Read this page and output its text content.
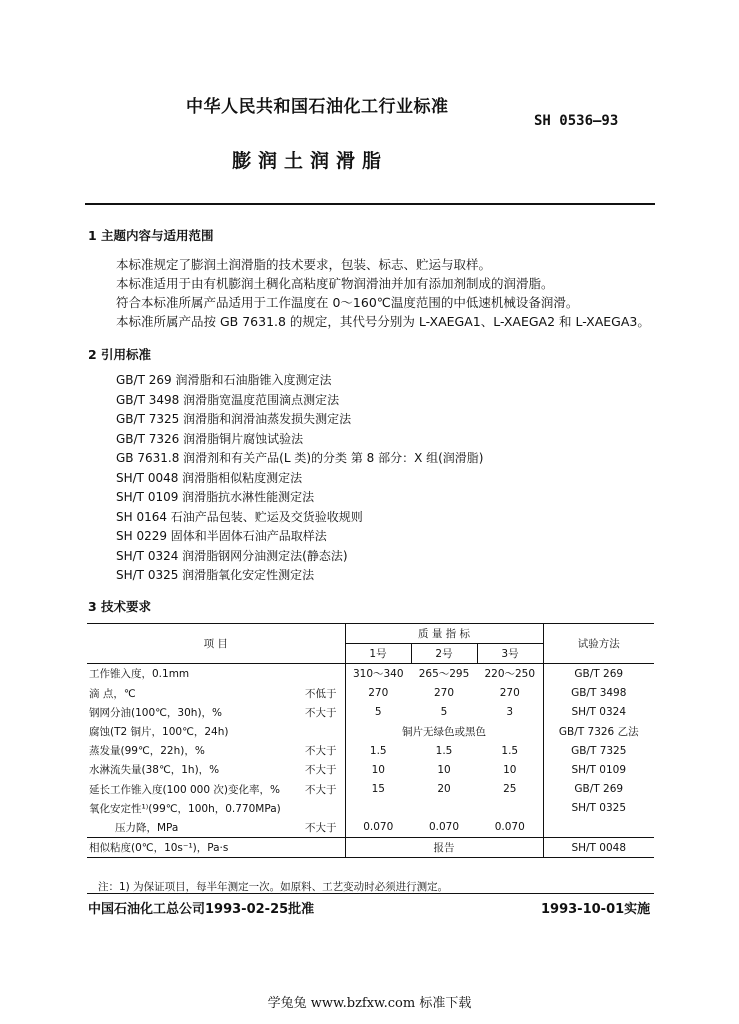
中华人民共和国石油化工行业标准
SH 0536—93
膨润土润滑脂
1 主题内容与适用范围
本标准规定了膨润土润滑脂的技术要求，包装、标志、贮运与取样。
本标准适用于由有机膨润土稠化高粘度矿物润滑油并加有添加剂制成的润滑脂。
符合本标准所属产品适用于工作温度在 0～160℃温度范围的中低速机械设备润滑。
本标准所属产品按 GB 7631.8 的规定，其代号分别为 L-XAEGA1、L-XAEGA2 和 L-XAEGA3。
2 引用标准
GB/T 269 润滑脂和石油脂锥入度测定法
GB/T 3498 润滑脂宽温度范围滴点测定法
GB/T 7325 润滑脂和润滑油蒸发损失测定法
GB/T 7326 润滑脂铜片腐蚀试验法
GB 7631.8 润滑剂和有关产品(L 类)的分类 第 8 部分：X 组(润滑脂)
SH/T 0048 润滑脂相似粘度测定法
SH/T 0109 润滑脂抗水淋性能测定法
SH 0164 石油产品包装、贮运及交货验收规则
SH 0229 固体和半固体石油产品取样法
SH/T 0324 润滑脂钢网分油测定法(静态法)
SH/T 0325 润滑脂氧化安定性测定法
3 技术要求
项 目		质 量 指 标			试验方法
		1号	2号	3号	
工作锥入度，0.1mm		310～340	265～295	220～250	GB/T 269
滴 点，℃	不低于	270	270	270	GB/T 3498
钢网分油(100℃，30h)，%	不大于	5	5	3	SH/T 0324
腐蚀(T2 铜片，100℃，24h)		铜片无绿色或黑色			GB/T 7326 乙法
蒸发量(99℃，22h)，%	不大于	1.5	1.5	1.5	GB/T 7325
水淋流失量(38℃，1h)，%	不大于	10	10	10	SH/T 0109
延长工作锥入度(100 000 次)变化率，%	不大于	15	20	25	GB/T 269
氧化安定性¹⁾(99℃，100h，0.770MPa)					SH/T 0325
压力降，MPa	不大于	0.070	0.070	0.070	
相似粘度(0℃，10s⁻¹)，Pa·s		报告			SH/T 0048
注：1) 为保证项目，每半年测定一次。如原料、工艺变动时必须进行测定。
中国石油化工总公司1993-02-25批准	1993-10-01实施
学兔兔 www.bzfxw.com 标准下载
